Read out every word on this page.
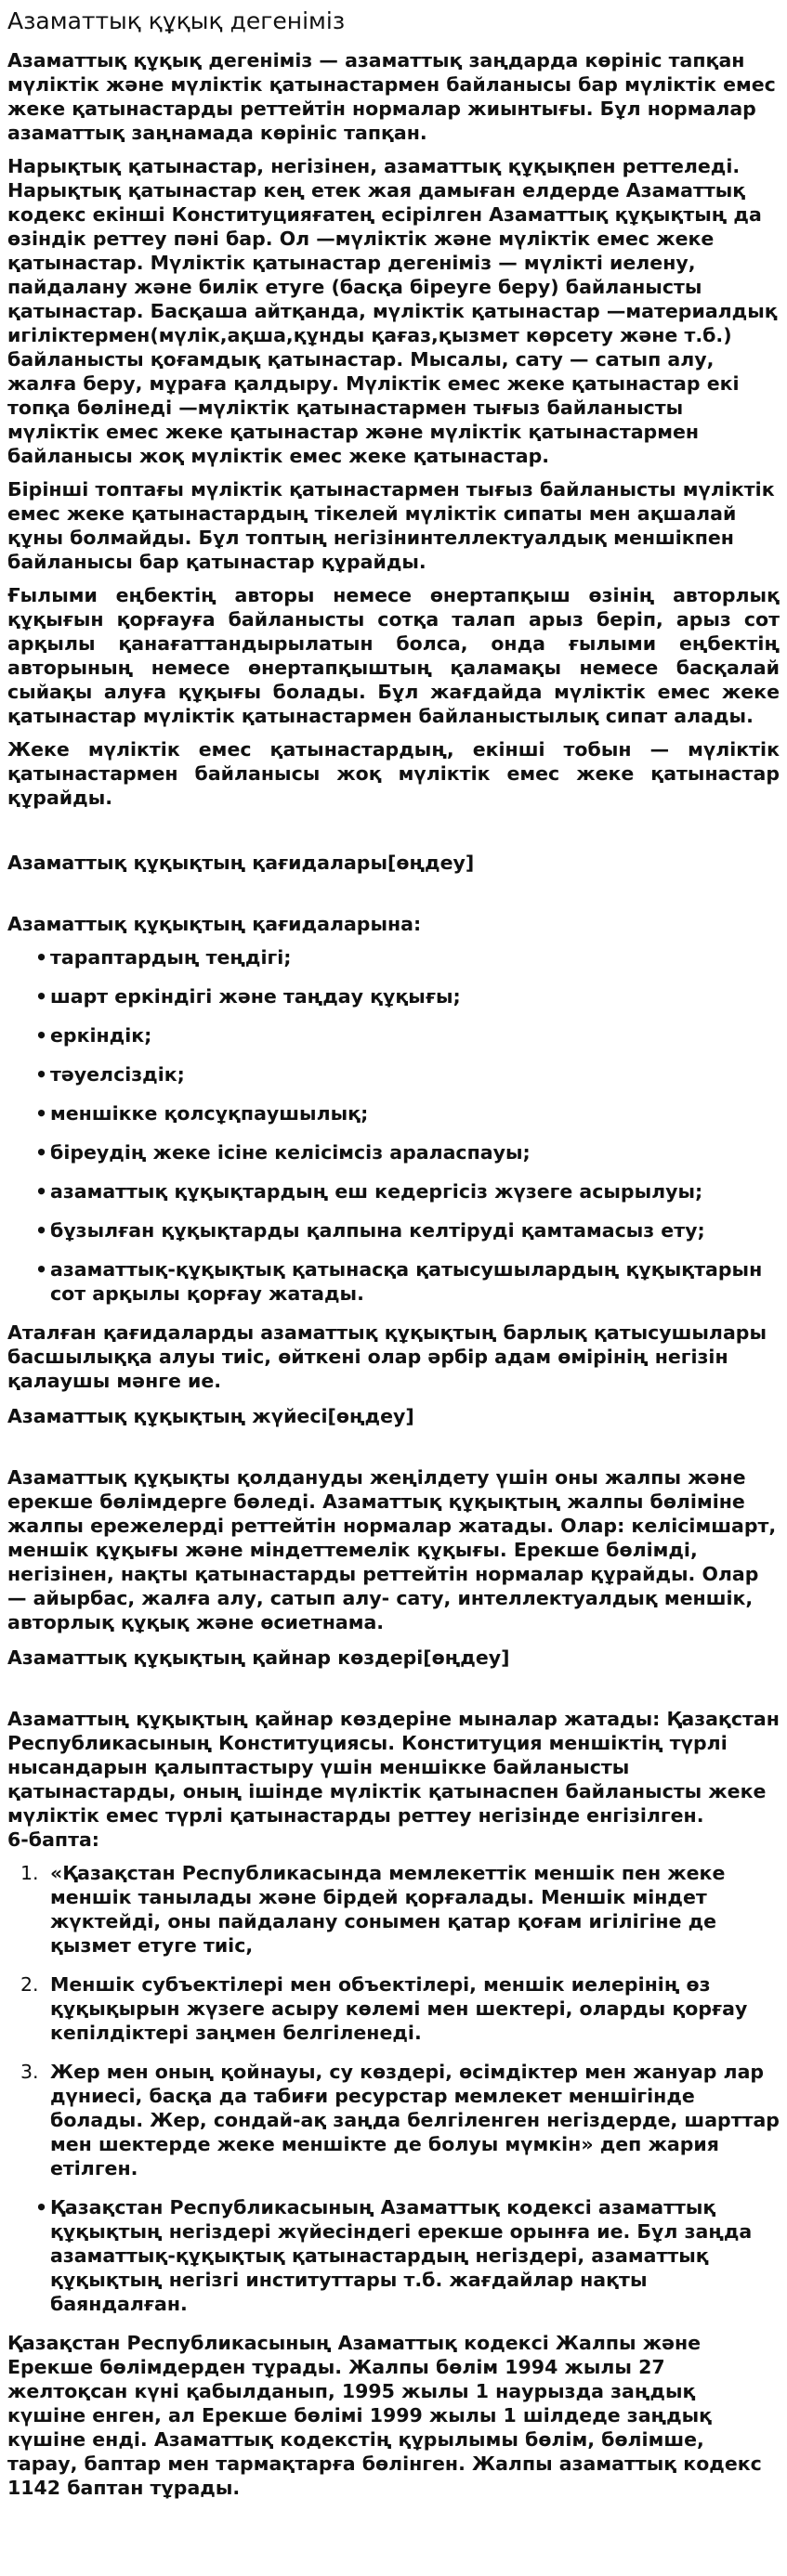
Азаматтық құқық дегеніміз
Азаматтық құқық дегеніміз — азаматтық заңдарда көрініс тапқан мүліктік және мүліктік қатынастармен байланысы бар мүліктік емес жеке қатынастарды реттейтін нормалар жиынтығы. Бұл нормалар азаматтық заңнамада көрініс тапқан.
Нарықтық қатынастар, негізінен, азаматтық құқықпен реттеледі. Нарықтық қатынастар кең етек жая дамыған елдерде Азаматтық кодекс екінші Конституцияғатең есірілген Азаматтық құқықтың да өзіндік реттеу пәні бар. Ол —мүліктік және мүліктік емес жеке қатынастар. Мүліктік қатынастар дегеніміз — мүлікті иелену, пайдалану және билік етуге (басқа біреуге беру) байланысты қатынастар. Басқаша айтқанда, мүліктік қатынастар —материалдық игіліктермен(мүлік,ақша,құнды қағаз,қызмет көрсету және т.б.) байланысты қоғамдық қатынастар. Мысалы, сату — сатып алу, жалға беру, мұраға қалдыру. Мүліктік емес жеке қатынастар екі топқа бөлінеді —мүліктік қатынастармен тығыз байланысты мүліктік емес жеке қатынастар және мүліктік қатынастармен байланысы жоқ мүліктік емес жеке қатынастар.
Бірінші топтағы мүліктік қатынастармен тығыз байланысты мүліктік емес жеке қатынастардың тікелей мүліктік сипаты мен ақшалай құны болмайды. Бұл топтың негізінинтеллектуалдық меншікпен байланысы бар қатынастар құрайды.
Ғылыми еңбектің авторы немесе өнертапқыш өзінің авторлық құқығын қорғауға байланысты сотқа талап арыз беріп, арыз сот арқылы қанағаттандырылатын болса, онда ғылыми еңбектің авторының немесе өнертапқыштың қаламақы немесе басқалай сыйақы алуға құқығы болады. Бұл жағдайда мүліктік емес жеке қатынастар мүліктік қатынастармен байланыстылық сипат алады.
Жеке мүліктік емес қатынастардың, екінші тобын — мүліктік қатынастармен байланысы жоқ мүліктік емес жеке қатынастар құрайды.
Азаматтық құқықтың қағидалары[өңдеу]
Азаматтық құқықтың қағидаларына:
• тараптардың теңдігі;
• шарт еркіндігі және таңдау құқығы;
• еркіндік;
• тәуелсіздік;
• меншікке қолсұқпаушылық;
• біреудің жеке ісіне келісімсіз араласпауы;
• азаматтық құқықтардың еш кедергісіз жүзеге асырылуы;
• бұзылған құқықтарды қалпына келтіруді қамтамасыз ету;
• азаматтық-құқықтық қатынасқа қатысушылардың құқықтарын сот арқылы қорғау жатады.
Аталған қағидаларды азаматтық құқықтың барлық қатысушылары басшылыққа алуы тиіс, өйткені олар әрбір адам өмірінің негізін қалаушы мәнге ие.
Азаматтық құқықтың жүйесі[өңдеу]
Азаматтық құқықты қолдануды жеңілдету үшін оны жалпы және ерекше бөлімдерге бөледі. Азаматтық құқықтың жалпы бөліміне жалпы ережелерді реттейтін нормалар жатады. Олар: келісімшарт, меншік құқығы және міндеттемелік құқығы. Ерекше бөлімді, негізінен, нақты қатынастарды реттейтін нормалар құрайды. Олар — айырбас, жалға алу, сатып алу- сату, интеллектуалдық меншік, авторлық құқық және өсиетнама.
Азаматтық құқықтың қайнар көздері[өңдеу]
Азаматтың құқықтың қайнар көздеріне мыналар жатады: Қазақстан Республикасының Конституциясы. Конституция меншіктің түрлі нысандарын қалыптастыру үшін меншікке байланысты қатынастарды, оның ішінде мүліктік қатынаспен байланысты жеке мүліктік емес түрлі қатынастарды реттеу негізінде енгізілген.
6-бапта:
1. «Қазақстан Республикасында мемлекеттік меншік пен жеке меншік танылады және бірдей қорғалады. Меншік міндет жүктейді, оны пайдалану сонымен қатар қоғам игілігіне де қызмет етуге тиіс,
2. Меншік субъектілері мен объектілері, меншік иелерінің өз құқықырын жүзеге асыру көлемі мен шектері, оларды қорғау кепілдіктері заңмен белгіленеді.
3. Жер мен оның қойнауы, су көздері, өсімдіктер мен жануар лар дүниесі, басқа да табиғи ресурстар мемлекет меншігінде болады. Жер, сондай-ақ заңда белгіленген негіздерде, шарттар мен шектерде жеке меншікте де болуы мүмкін» деп жария етілген.
• Қазақстан Республикасының Азаматтық кодексі азаматтық құқықтың негіздері жүйесіндегі ерекше орынға ие. Бұл заңда азаматтық-құқықтық қатынастардың негіздері, азаматтық құқықтың негізгі институттары т.б. жағдайлар нақты баяндалған.
Қазақстан Республикасының Азаматтық кодексі Жалпы және Ерекше бөлімдерден тұрады. Жалпы бөлім 1994 жылы 27 желтоқсан күні қабылданып, 1995 жылы 1 наурызда заңдық күшіне енген, ал Ерекше бөлімі 1999 жылы 1 шілдеде заңдық күшіне енді. Азаматтық кодекстің құрылымы бөлім, бөлімше, тарау, баптар мен тармақтарға бөлінген. Жалпы азаматтық кодекс 1142 баптан тұрады.
